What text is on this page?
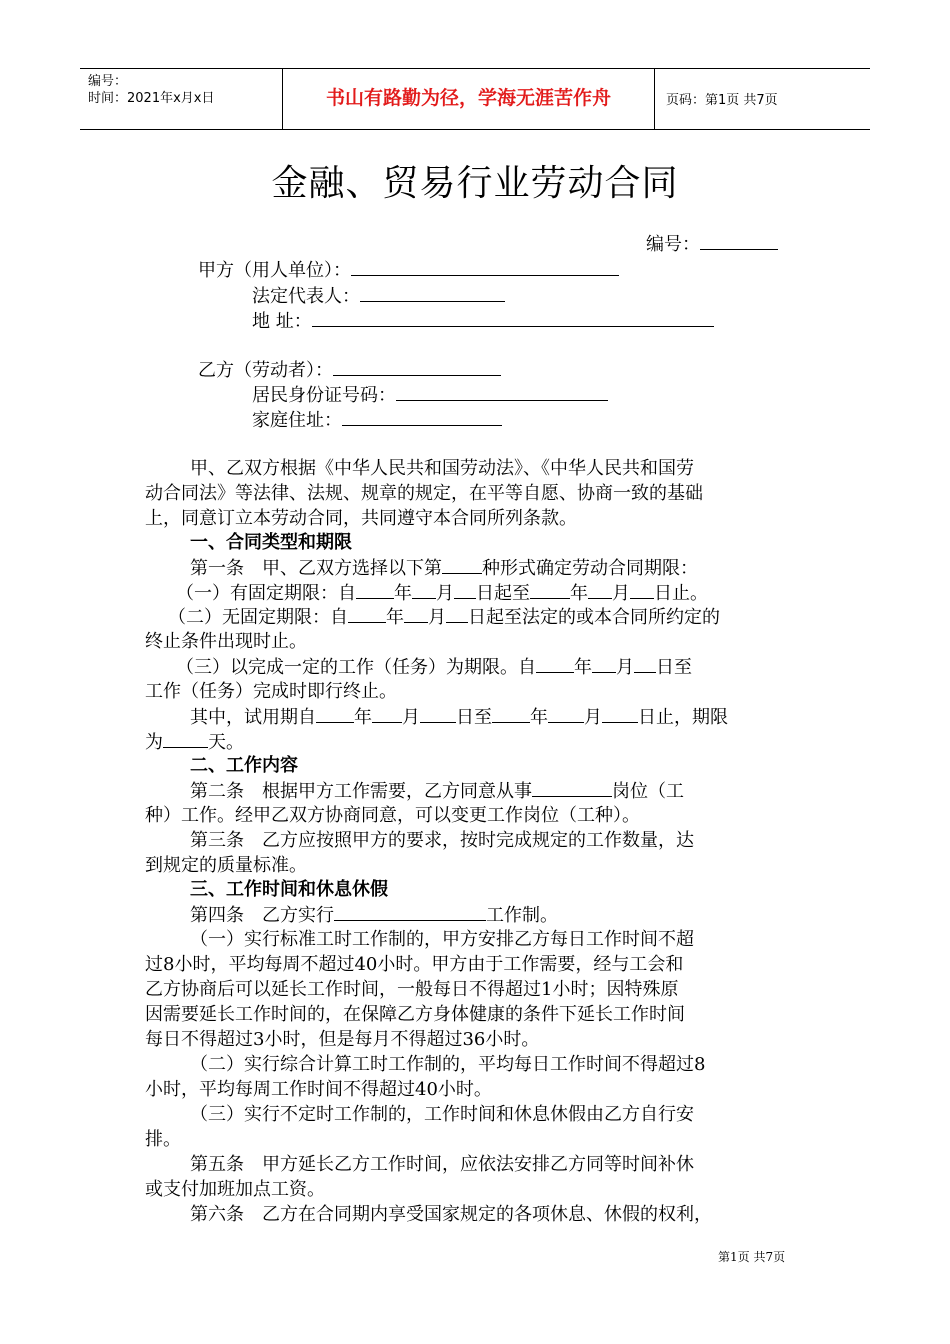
编号：
时间：2021年x月x日	书山有路勤为径，学海无涯苦作舟	页码：第1页 共7页
金融、贸易行业劳动合同
编号：
甲方（用人单位）：
法定代表人：
地 址：
乙方（劳动者）：
居民身份证号码：
家庭住址：
甲、乙双方根据《中华人民共和国劳动法》、《中华人民共和国劳
动合同法》等法律、法规、规章的规定，在平等自愿、协商一致的基础
上，同意订立本劳动合同，共同遵守本合同所列条款。
一、合同类型和期限
第一条　甲、乙双方选择以下第 种形式确定劳动合同期限：
（一）有固定期限：自 年 月 日起至 年 月 日止。
（二）无固定期限：自 年 月 日起至法定的或本合同所约定的
终止条件出现时止。
（三）以完成一定的工作（任务）为期限。自 年 月 日至
工作（任务）完成时即行终止。
其中，试用期自 年 月 日至 年 月 日止，期限
为	天。
二、工作内容
第二条　根据甲方工作需要，乙方同意从事	岗位（工
种）工作。经甲乙双方协商同意，可以变更工作岗位（工种）。
第三条　乙方应按照甲方的要求，按时完成规定的工作数量，达
到规定的质量标准。
三、工作时间和休息休假
第四条　乙方实行	工作制。
（一）实行标准工时工作制的，甲方安排乙方每日工作时间不超
过8小时，平均每周不超过40小时。甲方由于工作需要，经与工会和
乙方协商后可以延长工作时间，一般每日不得超过1小时；因特殊原
因需要延长工作时间的，在保障乙方身体健康的条件下延长工作时间
每日不得超过3小时，但是每月不得超过36小时。
（二）实行综合计算工时工作制的，平均每日工作时间不得超过8
小时，平均每周工作时间不得超过40小时。
（三）实行不定时工作制的，工作时间和休息休假由乙方自行安
排。
第五条　甲方延长乙方工作时间，应依法安排乙方同等时间补休
或支付加班加点工资。
第六条　乙方在合同期内享受国家规定的各项休息、休假的权利，
第1页 共7页
